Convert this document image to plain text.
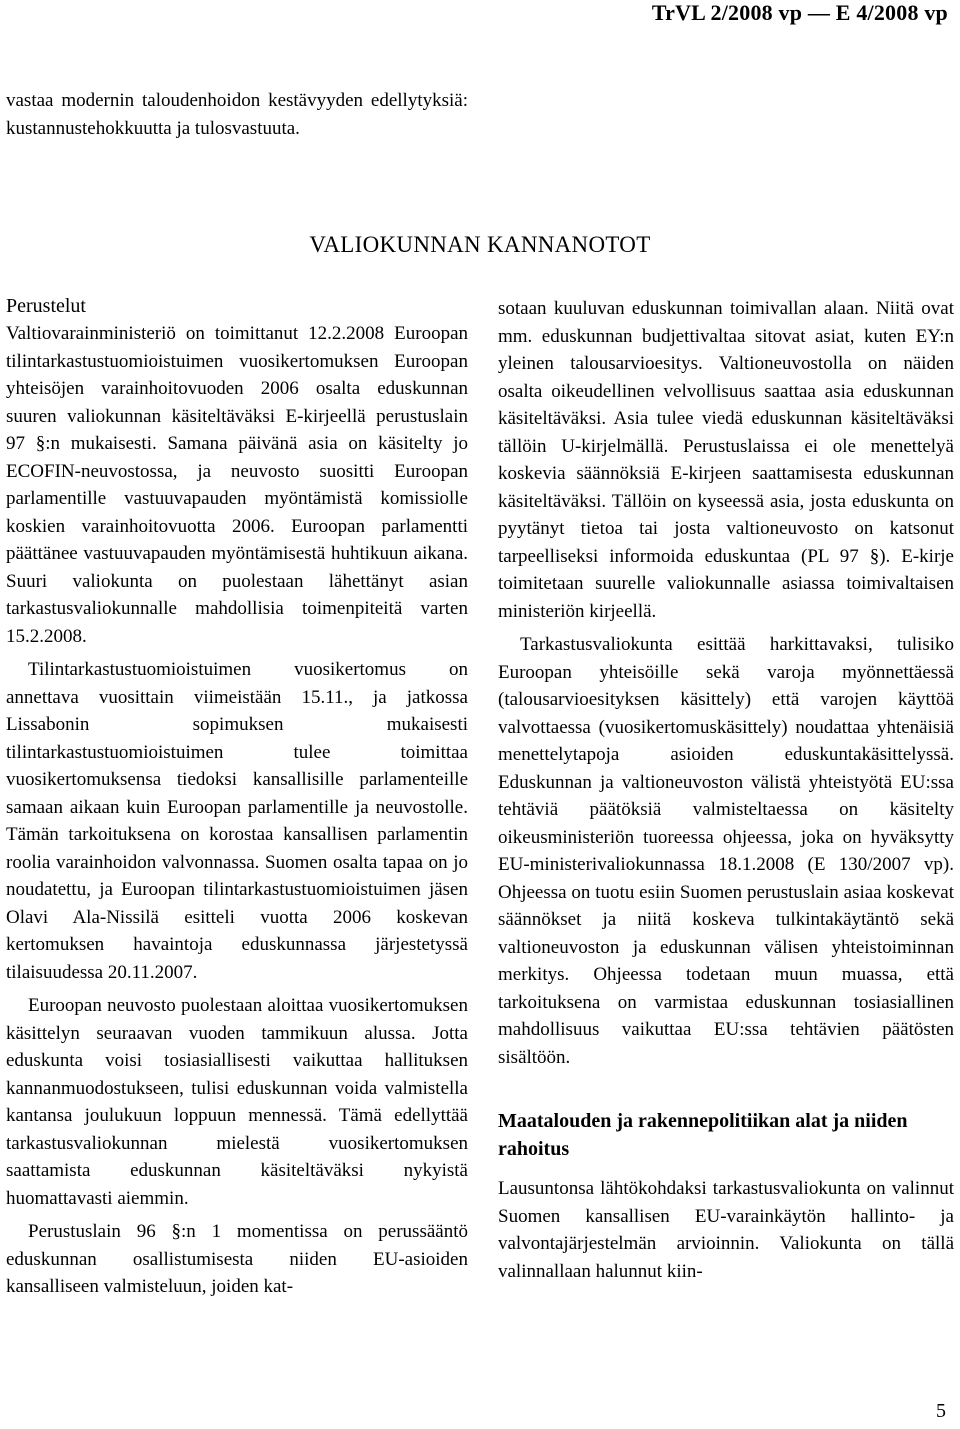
TrVL 2/2008 vp — E 4/2008 vp
vastaa modernin taloudenhoidon kestävyyden edellytyksiä: kustannustehokkuutta ja tulosvastuuta.
VALIOKUNNAN KANNANOTOT

Perustelut

Valtiovarainministeriö on toimittanut 12.2.2008 Euroopan tilintarkastustuomioistuimen vuosikertomuksen Euroopan yhteisöjen varainhoitovuoden 2006 osalta eduskunnan suuren valiokunnan käsiteltäväksi E-kirjeellä perustuslain 97 §:n mukaisesti. Samana päivänä asia on käsitelty jo ECOFIN-neuvostossa, ja neuvosto suositti Euroopan parlamentille vastuuvapauden myöntämistä komissiolle koskien varainhoitovuotta 2006. Euroopan parlamentti päättänee vastuuvapauden myöntämisestä huhtikuun aikana. Suuri valiokunta on puolestaan lähettänyt asian tarkastusvaliokunnalle mahdollisia toimenpiteitä varten 15.2.2008.

Tilintarkastustuomioistuimen vuosikertomus on annettava vuosittain viimeistään 15.11., ja jatkossa Lissabonin sopimuksen mukaisesti tilintarkastustuomioistuimen tulee toimittaa vuosikertomuksensa tiedoksi kansallisille parlamenteille samaan aikaan kuin Euroopan parlamentille ja neuvostolle. Tämän tarkoituksena on korostaa kansallisen parlamentin roolia varainhoidon valvonnassa. Suomen osalta tapaa on jo noudatettu, ja Euroopan tilintarkastustuomioistuimen jäsen Olavi Ala-Nissilä esitteli vuotta 2006 koskevan kertomuksen havaintoja eduskunnassa järjestetyssä tilaisuudessa 20.11.2007.

Euroopan neuvosto puolestaan aloittaa vuosikertomuksen käsittelyn seuraavan vuoden tammikuun alussa. Jotta eduskunta voisi tosiasiallisesti vaikuttaa hallituksen kannanmuodostukseen, tulisi eduskunnan voida valmistella kantansa joulukuun loppuun mennessä. Tämä edellyttää tarkastusvaliokunnan mielestä vuosikertomuksen saattamista eduskunnan käsiteltäväksi nykyistä huomattavasti aiemmin.

Perustuslain 96 §:n 1 momentissa on perussääntö eduskunnan osallistumisesta niiden EU-asioiden kansalliseen valmisteluun, joiden kat-

sotaan kuuluvan eduskunnan toimivallan alaan. Niitä ovat mm. eduskunnan budjettivaltaa sitovat asiat, kuten EY:n yleinen talousarvioesitys. Valtioneuvostolla on näiden osalta oikeudellinen velvollisuus saattaa asia eduskunnan käsiteltäväksi. Asia tulee viedä eduskunnan käsiteltäväksi tällöin U-kirjelmällä. Perustuslaissa ei ole menettelyä koskevia säännöksiä E-kirjeen saattamisesta eduskunnan käsiteltäväksi. Tällöin on kyseessä asia, josta eduskunta on pyytänyt tietoa tai josta valtioneuvosto on katsonut tarpeelliseksi informoida eduskuntaa (PL 97 §). E-kirje toimitetaan suurelle valiokunnalle asiassa toimivaltaisen ministeriön kirjeellä.

Tarkastusvaliokunta esittää harkittavaksi, tulisiko Euroopan yhteisöille sekä varoja myönnettäessä (talousarvioesityksen käsittely) että varojen käyttöä valvottaessa (vuosikertomuskäsittely) noudattaa yhtenäisiä menettelytapoja asioiden eduskuntakäsittelyssä. Eduskunnan ja valtioneuvoston välistä yhteistyötä EU:ssa tehtäviä päätöksiä valmisteltaessa on käsitelty oikeusministeriön tuoreessa ohjeessa, joka on hyväksytty EU-ministerivaliokunnassa 18.1.2008 (E 130/2007 vp). Ohjeessa on tuotu esiin Suomen perustuslain asiaa koskevat säännökset ja niitä koskeva tulkintakäytäntö sekä valtioneuvoston ja eduskunnan välisen yhteistoiminnan merkitys. Ohjeessa todetaan muun muassa, että tarkoituksena on varmistaa eduskunnan tosiasiallinen mahdollisuus vaikuttaa EU:ssa tehtävien päätösten sisältöön.

Maatalouden ja rakennepolitiikan alat ja niiden rahoitus

Lausuntonsa lähtökohdaksi tarkastusvaliokunta on valinnut Suomen kansallisen EU-varainkäytön hallinto- ja valvontajärjestelmän arvioinnin. Valiokunta on tällä valinnallaan halunnut kiin-

5
